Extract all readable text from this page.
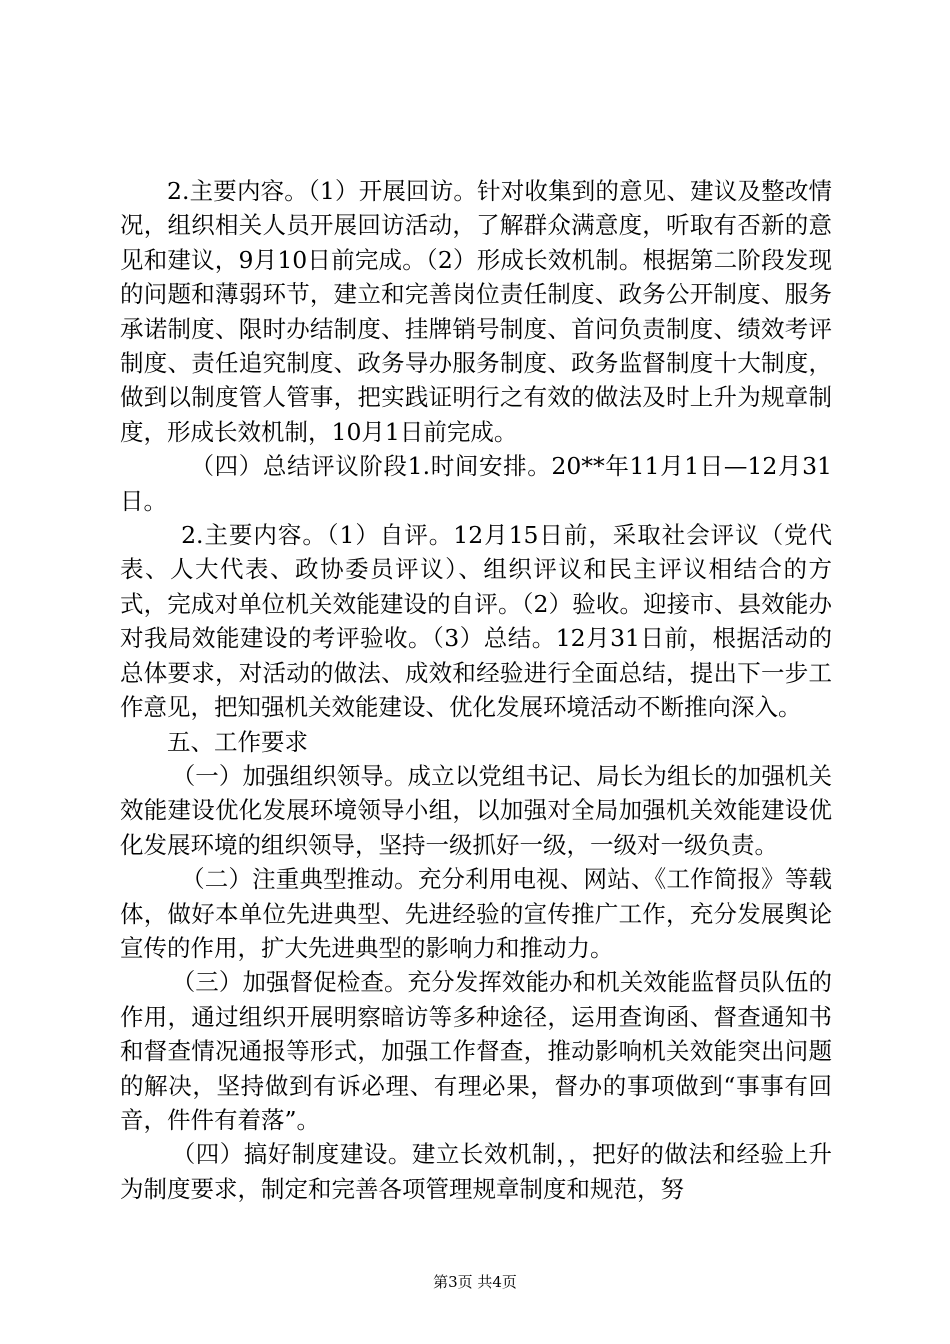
2.主要内容。（1）开展回访。针对收集到的意见、建议及整改情况，组织相关人员开展回访活动，了解群众满意度，听取有否新的意见和建议，9月10日前完成。（2）形成长效机制。根据第二阶段发现的问题和薄弱环节，建立和完善岗位责任制度、政务公开制度、服务承诺制度、限时办结制度、挂牌销号制度、首问负责制度、绩效考评制度、责任追究制度、政务导办服务制度、政务监督制度十大制度，做到以制度管人管事，把实践证明行之有效的做法及时上升为规章制度，形成长效机制，10月1日前完成。

（四）总结评议阶段1.时间安排。20**年11月1日—12月31日。

2.主要内容。（1）自评。12月15日前，采取社会评议（党代表、人大代表、政协委员评议）、组织评议和民主评议相结合的方式，完成对单位机关效能建设的自评。（2）验收。迎接市、县效能办对我局效能建设的考评验收。（3）总结。12月31日前，根据活动的总体要求，对活动的做法、成效和经验进行全面总结，提出下一步工作意见，把知强机关效能建设、优化发展环境活动不断推向深入。

五、工作要求

（一）加强组织领导。成立以党组书记、局长为组长的加强机关效能建设优化发展环境领导小组，以加强对全局加强机关效能建设优化发展环境的组织领导，坚持一级抓好一级，一级对一级负责。

（二）注重典型推动。充分利用电视、网站、《工作简报》等载体，做好本单位先进典型、先进经验的宣传推广工作，充分发展舆论宣传的作用，扩大先进典型的影响力和推动力。

（三）加强督促检查。充分发挥效能办和机关效能监督员队伍的作用，通过组织开展明察暗访等多种途径，运用查询函、督查通知书和督查情况通报等形式，加强工作督查，推动影响机关效能突出问题的解决，坚持做到有诉必理、有理必果，督办的事项做到“事事有回音，件件有着落”。

（四）搞好制度建设。建立长效机制，，把好的做法和经验上升为制度要求，制定和完善各项管理规章制度和规范，努

第3页 共4页
